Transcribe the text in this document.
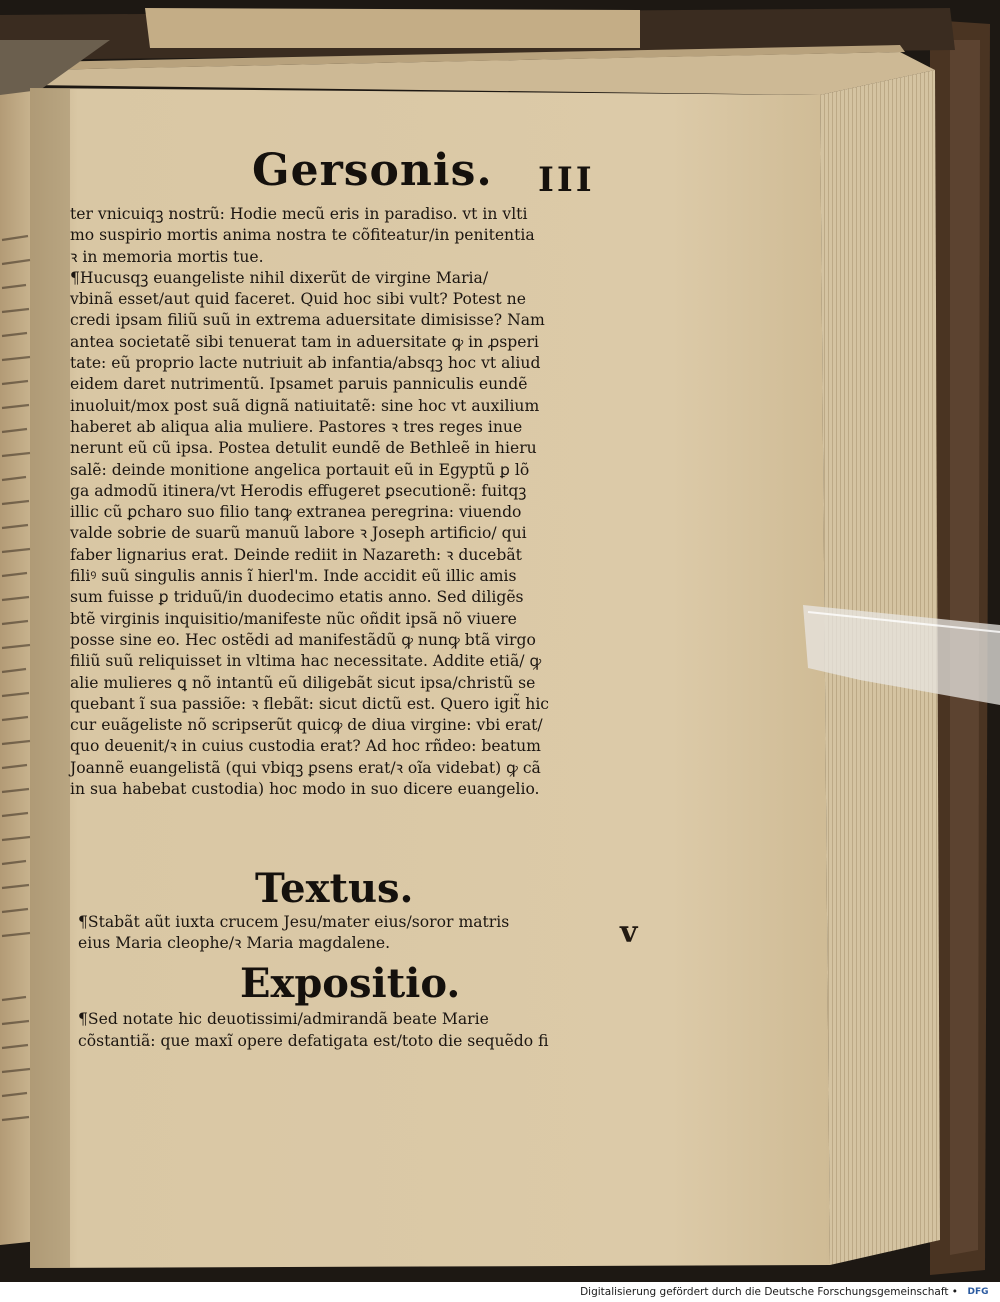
Gersonis. III
ter vnicuiqꝫ nostrũ: Hodie mecũ eris in paradiso. vt in vlti
mo suspirio mortis anima nostra te cõfiteatur/in penitentia
ꝛ in memoria mortis tue.
¶Hucusqꝫ euangeliste nihil dixerũt de virgine Maria/
vbinã esset/aut quid faceret. Quid hoc sibi vult? Potest ne
credi ipsam filiũ suũ in extrema aduersitate dimisisse? Nam
antea societatẽ sibi tenuerat tam in aduersitate ꝙ in ꝓsperi
tate: eũ proprio lacte nutriuit ab infantia/absqꝫ hoc vt aliud
eidem daret nutrimentũ. Ipsamet paruis panniculis eundẽ
inuoluit/mox post suã dignã natiuitatẽ: sine hoc vt auxilium
haberet ab aliqua alia muliere. Pastores ꝛ tres reges inue
nerunt eũ cũ ipsa. Postea detulit eundẽ de Bethleẽ in hieru
salẽ: deinde monitione angelica portauit eũ in Egyptũ ꝑ lõ
ga admodũ itinera/vt Herodis effugeret ꝑsecutionẽ: fuitqꝫ
illic cũ ꝑcharo suo filio tanꝙ extranea peregrina: viuendo
valde sobrie de suarũ manuũ labore ꝛ Joseph artificio/ qui
faber lignarius erat. Deinde rediit in Nazareth: ꝛ ducebãt
filiꝰ suũ singulis annis ĩ hierl'm. Inde accidit eũ illic amis
sum fuisse ꝑ triduũ/in duodecimo etatis anno. Sed diligẽs
btẽ virginis inquisitio/manifeste nũc oñdit ipsã nõ viuere
posse sine eo. Hec ostẽdi ad manifestãdũ ꝙ nunꝙ btã virgo
filiũ suũ reliquisset in vltima hac necessitate. Addite etiã/ ꝙ
alie mulieres ꝗ nõ intantũ eũ diligebãt sicut ipsa/christũ se
quebant ĩ sua passiõe: ꝛ flebãt: sicut dictũ est. Quero igit̃ hic
cur euãgeliste nõ scripserũt quicꝙ de diua virgine: vbi erat/
quo deuenit/ꝛ in cuius custodia erat? Ad hoc rñdeo: beatum
Joannẽ euangelistã (qui vbiqꝫ ꝑsens erat/ꝛ oĩa videbat) ꝙ cã
in sua habebat custodia) hoc modo in suo dicere euangelio.
Textus.
¶Stabãt aũt iuxta crucem Jesu/mater eius/soror matris
eius Maria cleophe/ꝛ Maria magdalene.	v
Expositio.
¶Sed notate hic deuotissimi/admirandã beate Marie
cõstantiã: que maxĩ opere defatigata est/toto die sequẽdo fi
Digitalisierung gefördert durch die Deutsche Forschungsgemeinschaft •	DFG
